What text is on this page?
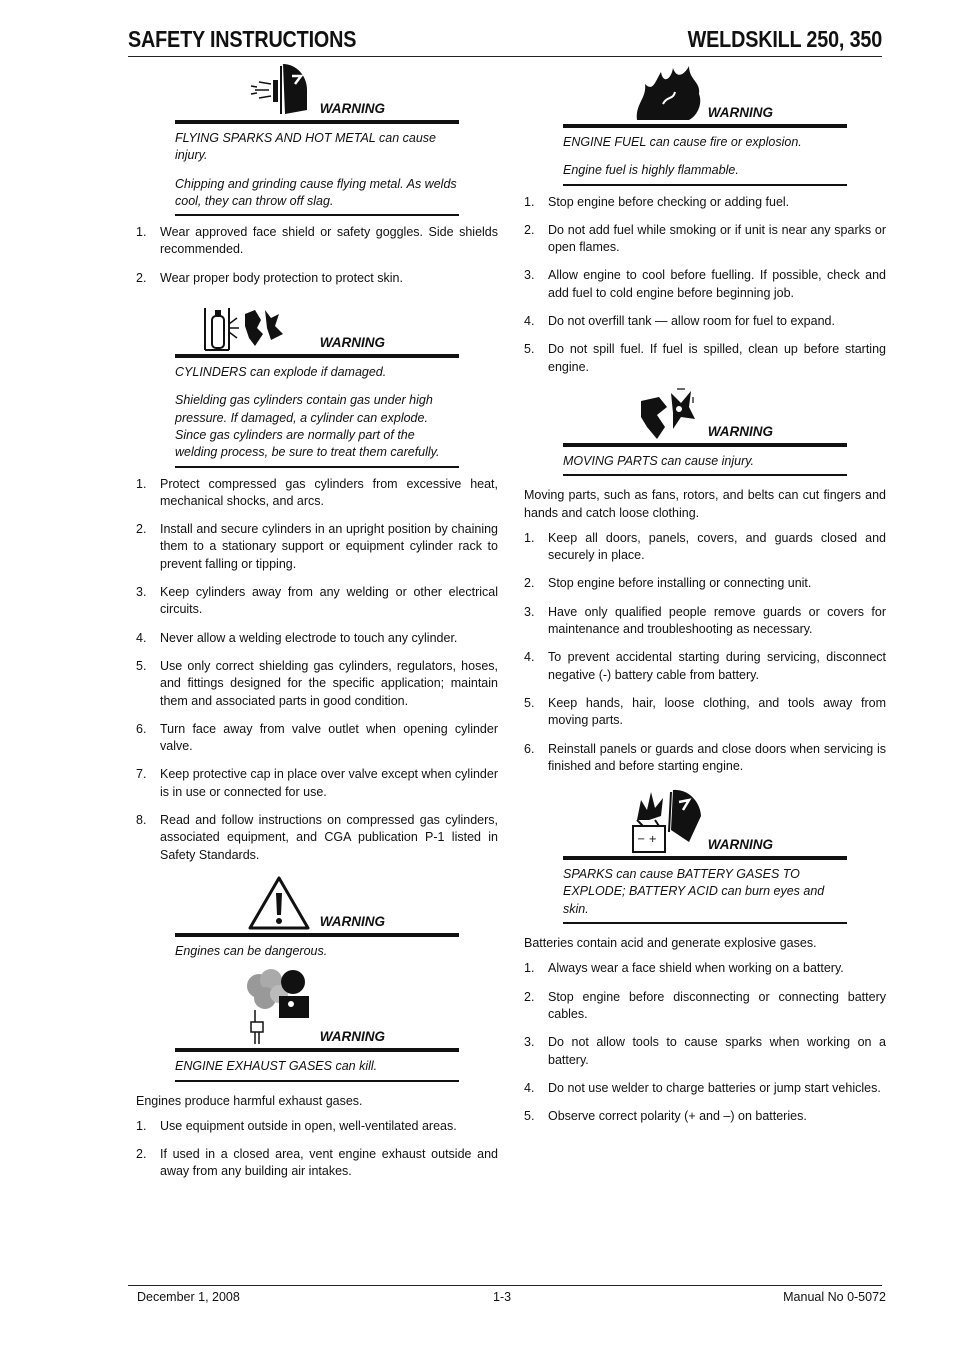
SAFETY INSTRUCTIONS	WELDSKILL 250, 350
WARNING

FLYING SPARKS AND HOT METAL can cause injury.

Chipping and grinding cause flying metal. As welds cool, they can throw off slag.

1. Wear approved face shield or safety goggles. Side shields recommended.
2. Wear proper body protection to protect skin.
WARNING

CYLINDERS can explode if damaged.

Shielding gas cylinders contain gas under high pressure. If damaged, a cylinder can explode. Since gas cylinders are normally part of the welding process, be sure to treat them carefully.

1. Protect compressed gas cylinders from excessive heat, mechanical shocks, and arcs.
2. Install and secure cylinders in an upright position by chaining them to a stationary support or equipment cylinder rack to prevent falling or tipping.
3. Keep cylinders away from any welding or other electrical circuits.
4. Never allow a welding electrode to touch any cylinder.
5. Use only correct shielding gas cylinders, regulators, hoses, and fittings designed for the specific application; maintain them and associated parts in good condition.
6. Turn face away from valve outlet when opening cylinder valve.
7. Keep protective cap in place over valve except when cylinder is in use or connected for use.
8. Read and follow instructions on compressed gas cylinders, associated equipment, and CGA publication P-1 listed in Safety Standards.
WARNING

Engines can be dangerous.

WARNING

ENGINE EXHAUST GASES can kill.

Engines produce harmful exhaust gases.

1. Use equipment outside in open, well-ventilated areas.
2. If used in a closed area, vent engine exhaust outside and away from any building air intakes.
WARNING

ENGINE FUEL can cause fire or explosion.

Engine fuel is highly flammable.

1. Stop engine before checking or adding fuel.
2. Do not add fuel while smoking or if unit is near any sparks or open flames.
3. Allow engine to cool before fuelling. If possible, check and add fuel to cold engine before beginning job.
4. Do not overfill tank — allow room for fuel to expand.
5. Do not spill fuel. If fuel is spilled, clean up before starting engine.
WARNING

MOVING PARTS can cause injury.

Moving parts, such as fans, rotors, and belts can cut fingers and hands and catch loose clothing.

1. Keep all doors, panels, covers, and guards closed and securely in place.
2. Stop engine before installing or connecting unit.
3. Have only qualified people remove guards or covers for maintenance and troubleshooting as necessary.
4. To prevent accidental starting during servicing, disconnect negative (-) battery cable from battery.
5. Keep hands, hair, loose clothing, and tools away from moving parts.
6. Reinstall panels or guards and close doors when servicing is finished and before starting engine.
− +	WARNING

SPARKS can cause BATTERY GASES TO EXPLODE; BATTERY ACID can burn eyes and skin.

Batteries contain acid and generate explosive gases.

1. Always wear a face shield when working on a battery.
2. Stop engine before disconnecting or connecting battery cables.
3. Do not allow tools to cause sparks when working on a battery.
4. Do not use welder to charge batteries or jump start vehicles.
5. Observe correct polarity (+ and –) on batteries.
December 1, 2008	1-3	Manual No 0-5072
